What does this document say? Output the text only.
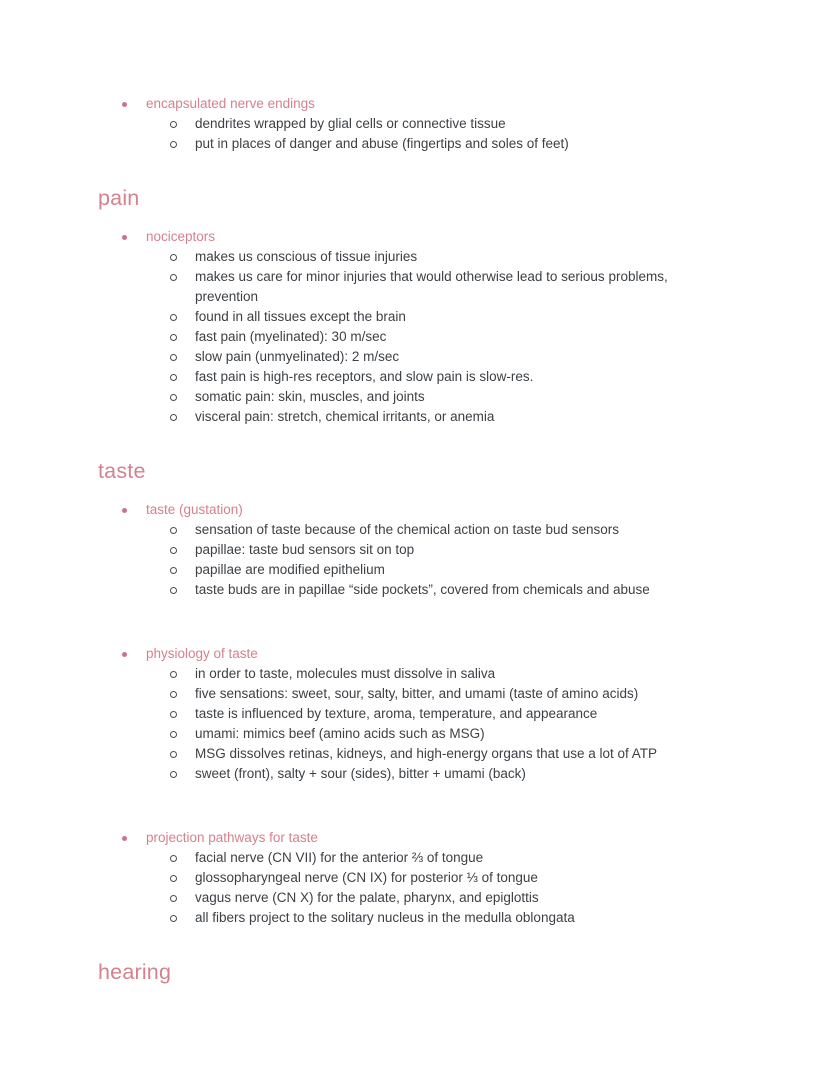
encapsulated nerve endings
dendrites wrapped by glial cells or connective tissue
put in places of danger and abuse (fingertips and soles of feet)
pain
nociceptors
makes us conscious of tissue injuries
makes us care for minor injuries that would otherwise lead to serious problems, prevention
found in all tissues except the brain
fast pain (myelinated): 30 m/sec
slow pain (unmyelinated): 2 m/sec
fast pain is high-res receptors, and slow pain is slow-res.
somatic pain: skin, muscles, and joints
visceral pain: stretch, chemical irritants, or anemia
taste
taste (gustation)
sensation of taste because of the chemical action on taste bud sensors
papillae: taste bud sensors sit on top
papillae are modified epithelium
taste buds are in papillae “side pockets”, covered from chemicals and abuse
physiology of taste
in order to taste, molecules must dissolve in saliva
five sensations: sweet, sour, salty, bitter, and umami (taste of amino acids)
taste is influenced by texture, aroma, temperature, and appearance
umami: mimics beef (amino acids such as MSG)
MSG dissolves retinas, kidneys, and high-energy organs that use a lot of ATP
sweet (front), salty + sour (sides), bitter + umami (back)
projection pathways for taste
facial nerve (CN VII) for the anterior ⅔ of tongue
glossopharyngeal nerve (CN IX) for posterior ⅓ of tongue
vagus nerve (CN X) for the palate, pharynx, and epiglottis
all fibers project to the solitary nucleus in the medulla oblongata
hearing
